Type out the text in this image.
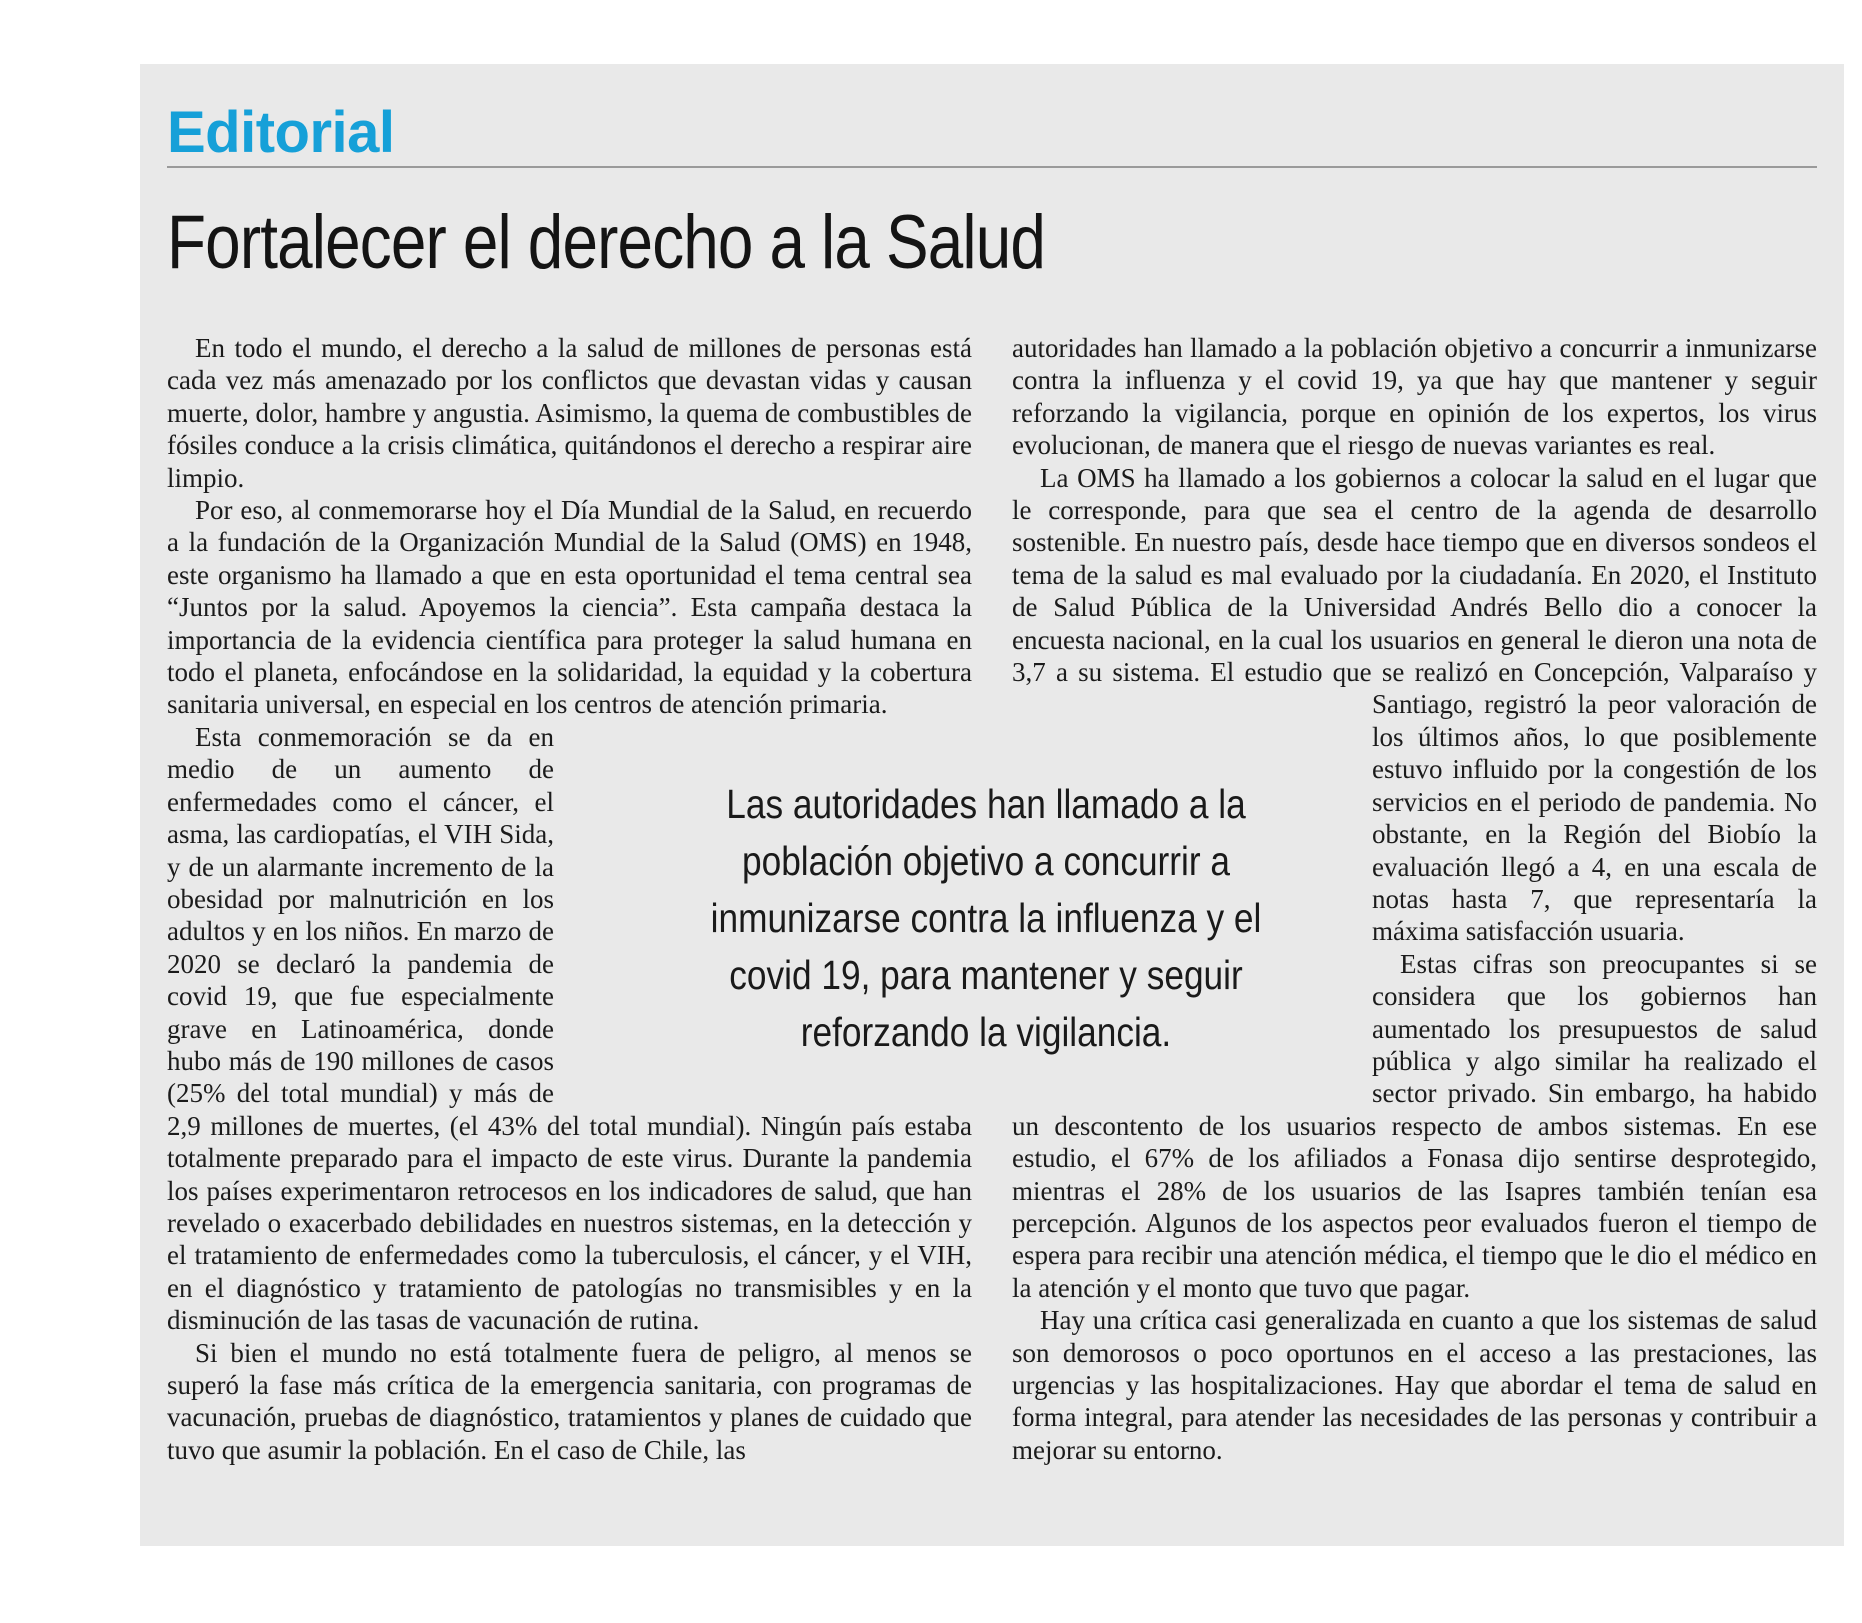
Editorial
Fortalecer el derecho a la Salud

En todo el mundo, el derecho a la salud de millones de personas está cada vez más amenazado por los conflictos que devastan vidas y causan muerte, dolor, hambre y angustia. Asimismo, la quema de combustibles de fósiles conduce a la crisis climática, quitándonos el derecho a respirar aire limpio.

Por eso, al conmemorarse hoy el Día Mundial de la Salud, en recuerdo a la fundación de la Organización Mundial de la Salud (OMS) en 1948, este organismo ha llamado a que en esta oportunidad el tema central sea “Juntos por la salud. Apoyemos la ciencia”. Esta campaña destaca la importancia de la evidencia científica para proteger la salud humana en todo el planeta, enfocándose en la solidaridad, la equidad y la cobertura sanitaria universal, en especial en los centros de atención primaria.

Esta conmemoración se da en medio de un aumento de enfermedades como el cáncer, el asma, las cardiopatías, el VIH Sida, y de un alarmante incremento de la obesidad por malnutrición en los adultos y en los niños. En marzo de 2020 se declaró la pandemia de covid 19, que fue especialmente grave en Latinoamérica, donde hubo más de 190 millones de casos (25% del total mundial) y más de 2,9 millones de muertes, (el 43% del total mundial). Ningún país estaba totalmente preparado para el impacto de este virus. Durante la pandemia los países experimentaron retrocesos en los indicadores de salud, que han revelado o exacerbado debilidades en nuestros sistemas, en la detección y el tratamiento de enfermedades como la tuberculosis, el cáncer, y el VIH, en el diagnóstico y tratamiento de patologías no transmisibles y en la disminución de las tasas de vacunación de rutina.

Si bien el mundo no está totalmente fuera de peligro, al menos se superó la fase más crítica de la emergencia sanitaria, con programas de vacunación, pruebas de diagnóstico, tratamientos y planes de cuidado que tuvo que asumir la población. En el caso de Chile, las

autoridades han llamado a la población objetivo a concurrir a inmunizarse contra la influenza y el covid 19, ya que hay que mantener y seguir reforzando la vigilancia, porque en opinión de los expertos, los virus evolucionan, de manera que el riesgo de nuevas variantes es real.

La OMS ha llamado a los gobiernos a colocar la salud en el lugar que le corresponde, para que sea el centro de la agenda de desarrollo sostenible. En nuestro país, desde hace tiempo que en diversos sondeos el tema de la salud es mal evaluado por la ciudadanía. En 2020, el Instituto de Salud Pública de la Universidad Andrés Bello dio a conocer la encuesta nacional, en la cual los usuarios en general le dieron una nota de 3,7 a su sistema. El estudio que se realizó en
Concepción, Valparaíso y Santiago, registró la peor valoración de los últimos años, lo que posiblemente estuvo influido por la congestión de los servicios en el periodo de pandemia. No obstante, en la Región del Biobío la evaluación llegó a 4, en una escala de notas hasta 7, que representaría la máxima satisfacción usuaria.

Estas cifras son preocupantes si se considera que los gobiernos han aumentado los presupuestos de salud pública y algo similar ha realizado el sector privado. Sin embargo, ha habido un descontento de los usuarios respecto de ambos sistemas. En ese estudio, el 67% de los afiliados a Fonasa dijo sentirse desprotegido, mientras el 28% de los usuarios de las Isapres también tenían esa percepción. Algunos de los aspectos peor evaluados fueron el tiempo de espera para recibir una atención médica, el tiempo que le dio el médico en la atención y el monto que tuvo que pagar.

Hay una crítica casi generalizada en cuanto a que los sistemas de salud son demorosos o poco oportunos en el acceso a las prestaciones, las urgencias y las hospitalizaciones. Hay que abordar el tema de salud en forma integral, para atender las necesidades de las personas y contribuir a mejorar su entorno.

Las autoridades han llamado a la población objetivo a concurrir a inmunizarse contra la influenza y el covid 19, para mantener y seguir reforzando la vigilancia.
